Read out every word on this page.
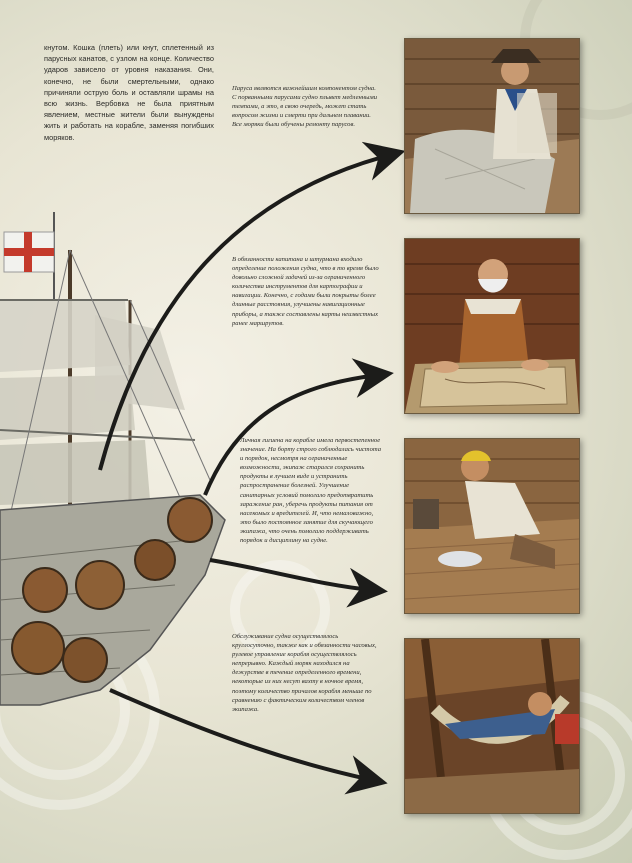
кнутом. Кошка (плеть) или кнут, сплетенный из парусных канатов, с узлом на конце. Количество ударов зависело от уровня наказания. Они, конечно, не были смертельными, однако причиняли острую боль и оставляли шрамы на всю жизнь. Вербовка не была приятным явлением, местные жители были вынуждены жить и работать на корабле, заменяя погибших моряков.
Паруса являются важнейшим компонентом судна. С порванными парусами судно плывет медленными темпами, а это, в свою очередь, может стать вопросом жизни и смерти при дальнем плавании. Все моряки были обучены ремонту парусов.
В обязанности капитана и штурмана входило определение положения судна, что в то время было довольно сложной задачей из-за ограниченного количества инструментов для картографии и навигации. Конечно, с годами были покрыты более длинные расстояния, улучшены навигационные приборы, а также составлены карты неизвестных ранее маршрутов.
Личная гигиена на корабле имела первостепенное значение. На борту строго соблюдалась чистота и порядок, несмотря на ограниченные возможности, экипаж старался сохранить продукты в лучшем виде и устранить распространение болезней. Улучшение санитарных условий помогало предотвратить заражение ран, уберечь продукты питания от насекомых и вредителей. И, что немаловажно, это было постоянное занятие для скучающего экипажа, что очень помогало поддерживать порядок и дисциплину на судне.
Обслуживание судна осуществлялось круглосуточно, также как и обязанности часовых, рулевое управление корабля осуществлялось непрерывно. Каждый моряк находился на дежурстве в течение определенного времени, некоторые из них несут вахту в ночное время, поэтому количество причалов корабля меньше по сравнению с фактическим количеством членов экипажа.
